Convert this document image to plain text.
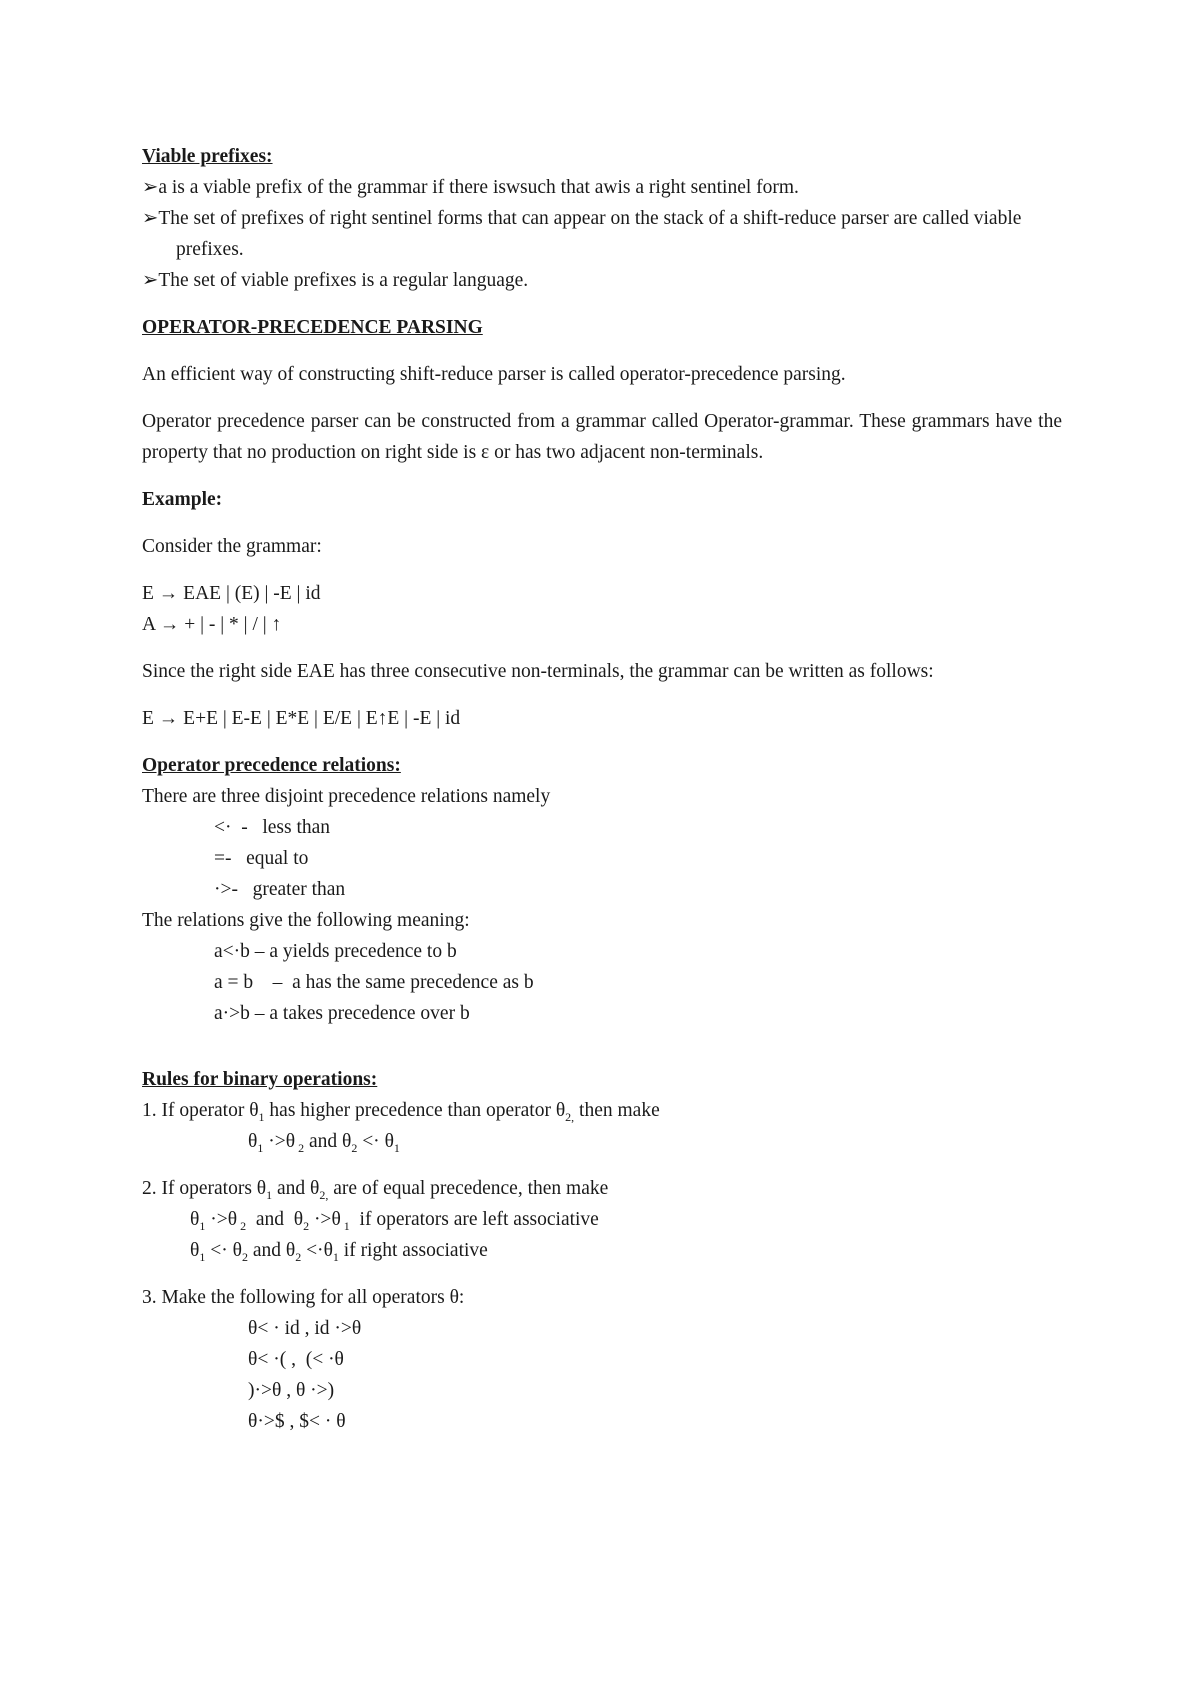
Viable prefixes:

➢a is a viable prefix of the grammar if there iswsuch that awis a right sentinel form.

➢The set of prefixes of right sentinel forms that can appear on the stack of a shift-reduce parser are called viable prefixes.

➢The set of viable prefixes is a regular language.

OPERATOR-PRECEDENCE PARSING

An efficient way of constructing shift-reduce parser is called operator-precedence parsing.

Operator precedence parser can be constructed from a grammar called Operator-grammar. These grammars have the property that no production on right side is ε or has two adjacent non-terminals.

Example:

Consider the grammar:

E → EAE | (E) | -E | id

A → + | - | * | / | ↑

Since the right side EAE has three consecutive non-terminals, the grammar can be written as follows:

E → E+E | E-E | E*E | E/E | E↑E | -E | id

Operator precedence relations:

There are three disjoint precedence relations namely

<·  -   less than

=-   equal to

·>-   greater than

The relations give the following meaning:

a<·b – a yields precedence to b

a = b    –  a has the same precedence as b

a·>b – a takes precedence over b

Rules for binary operations:

1. If operator $\theta_1$ has higher precedence than operator $\theta_{2,}$ then make

$\theta_1 \cdot>\theta$ $_2$ and $\theta_2 <\cdot \theta_1$

2. If operators $\theta_1$ and $\theta_{2,}$ are of equal precedence, then make

$\theta_1 \cdot>\theta$ $_2$  and  $\theta_2 \cdot>\theta$ $_1$  if operators are left associative

$\theta_1 <\cdot \theta_2$ and $\theta_2 <\cdot\theta_1$ if right associative

3. Make the following for all operators θ:

θ< · id , id ·>θ

θ< ·( ,  (< ·θ

)·>θ , θ ·>)

θ·>$ , $< · θ
